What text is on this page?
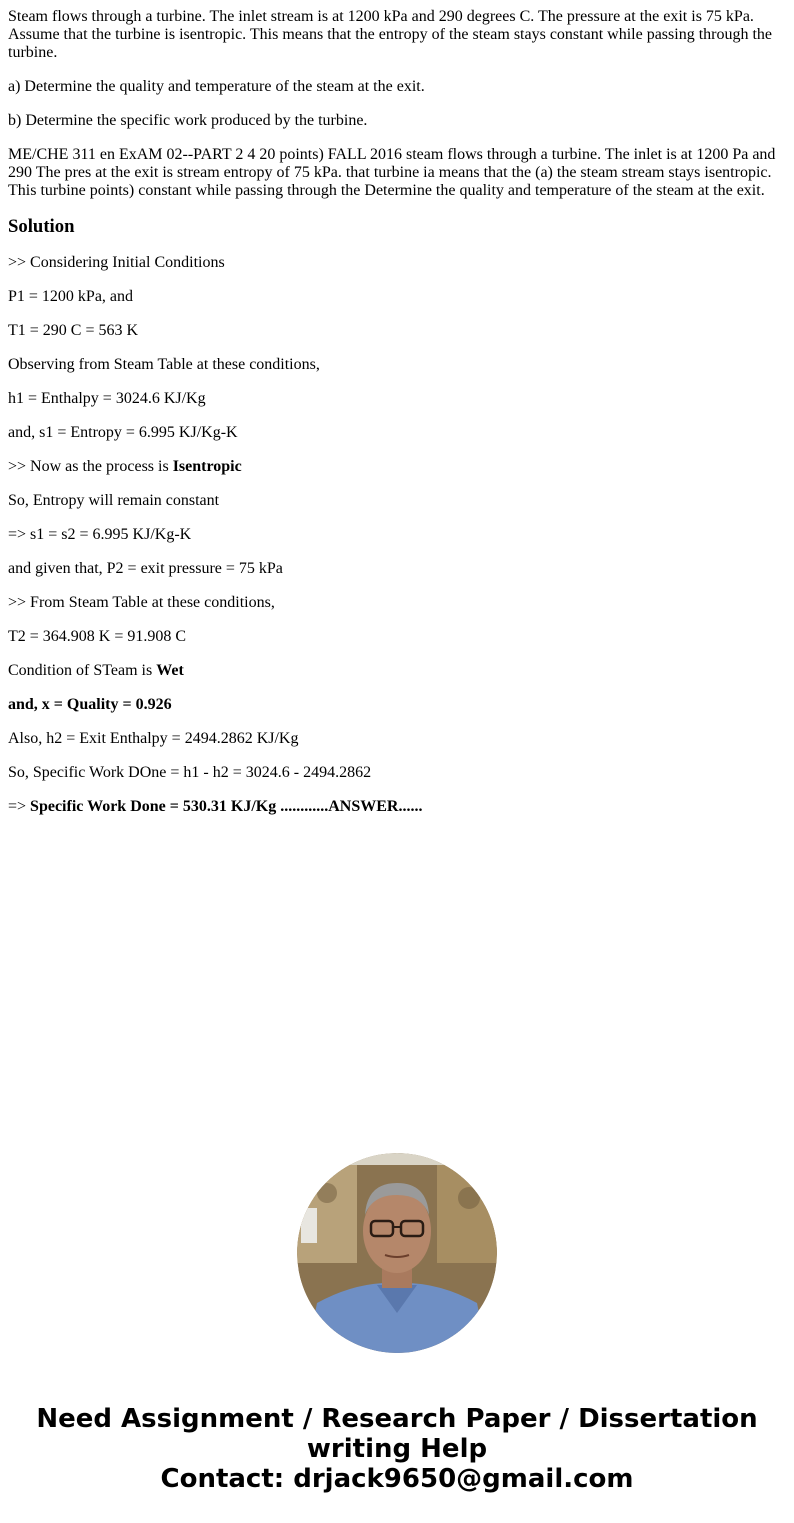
Steam flows through a turbine. The inlet stream is at 1200 kPa and 290 degrees C. The pressure at the exit is 75 kPa. Assume that the turbine is isentropic. This means that the entropy of the steam stays constant while passing through the turbine.

a) Determine the quality and temperature of the steam at the exit.

b) Determine the specific work produced by the turbine.

ME/CHE 311 en ExAM 02--PART 2 4 20 points) FALL 2016 steam flows through a turbine. The inlet is at 1200 Pa and 290 The pres at the exit is stream entropy of 75 kPa. that turbine ia means that the (a) the steam stream stays isentropic. This turbine points) constant while passing through the Determine the quality and temperature of the steam at the exit.

Solution

>> Considering Initial Conditions

P1 = 1200 kPa, and

T1 = 290 C = 563 K

Observing from Steam Table at these conditions,

h1 = Enthalpy = 3024.6 KJ/Kg

and, s1 = Entropy = 6.995 KJ/Kg-K

>> Now as the process is Isentropic

So, Entropy will remain constant

=> s1 = s2 = 6.995 KJ/Kg-K

and given that, P2 = exit pressure = 75 kPa

>> From Steam Table at these conditions,

T2 = 364.908 K = 91.908 C

Condition of STeam is Wet

and, x = Quality = 0.926

Also, h2 = Exit Enthalpy = 2494.2862 KJ/Kg

So, Specific Work DOne = h1 - h2 = 3024.6 - 2494.2862

=> Specific Work Done = 530.31 KJ/Kg ............ANSWER......

Need Assignment / Research Paper / Dissertation
writing Help
Contact: drjack9650@gmail.com
